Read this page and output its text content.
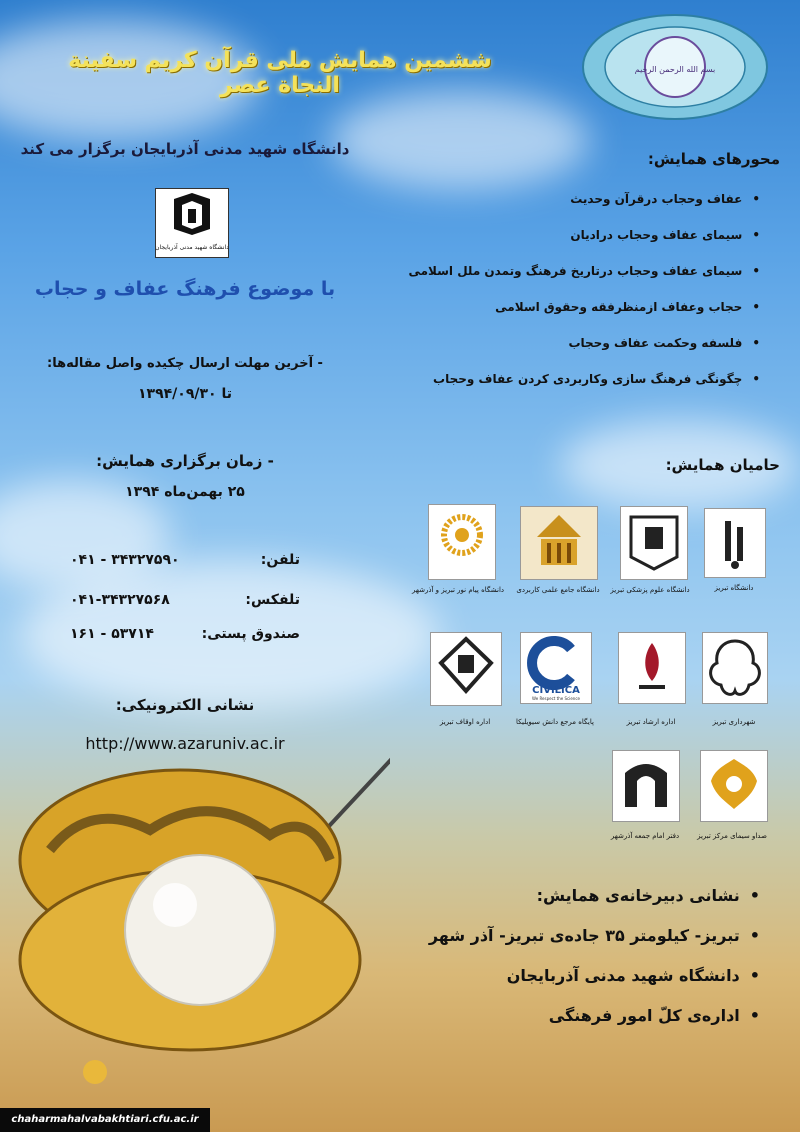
ششمین همایش ملی قرآن کریم سفینة النجاة عصر
بسم الله الرحمن الرحیم
دانشگاه شهید مدنی آذربایجان برگزار می کند
دانشگاه شهید مدنی آذربایجان
با موضوع فرهنگ عفاف و حجاب
- آخرین مهلت ارسال چکیده واصل مقاله‌ها:
تا ۱۳۹۴/۰۹/۳۰
- زمان برگزاری همایش:
۲۵ بهمن‌ماه ۱۳۹۴
تلفن:
۰۴۱ - ۳۴۳۲۷۵۹۰
تلفکس:
۰۴۱-۳۴۳۲۷۵۶۸
صندوق پستی:
۱۶۱ - ۵۳۷۱۴
نشانی الکترونیکی:
http://www.azaruniv.ac.ir
محورهای همایش:
• عفاف وحجاب درقرآن وحدیث
• سیمای عفاف وحجاب درادیان
• سیمای عفاف وحجاب درتاریخ فرهنگ وتمدن ملل اسلامی
• حجاب وعفاف ازمنظرفقه وحقوق اسلامی
• فلسفه وحکمت عفاف وحجاب
• چگونگی فرهنگ سازی وکاربردی کردن عفاف وحجاب
حامیان همایش:
دانشگاه تبریز
دانشگاه علوم پزشکی تبریز
دانشگاه جامع علمی کاربردی
دانشگاه پیام نور تبریز و آذرشهر
شهرداری تبریز
اداره ارشاد تبریز
CIVILICA
We Respect the Science
پایگاه مرجع دانش سیویلیکا
اداره اوقاف تبریز
صداو سیمای مرکز تبریز
دفتر امام جمعه آذرشهر
• نشانی دبیرخانه‌ی همایش:
• تبریز- کیلومتر ۳۵ جاده‌ی تبریز- آذر شهر
• دانشگاه شهید مدنی آذربایجان
• اداره‌ی کلّ امور فرهنگی
chaharmahalvabakhtiari.cfu.ac.ir
